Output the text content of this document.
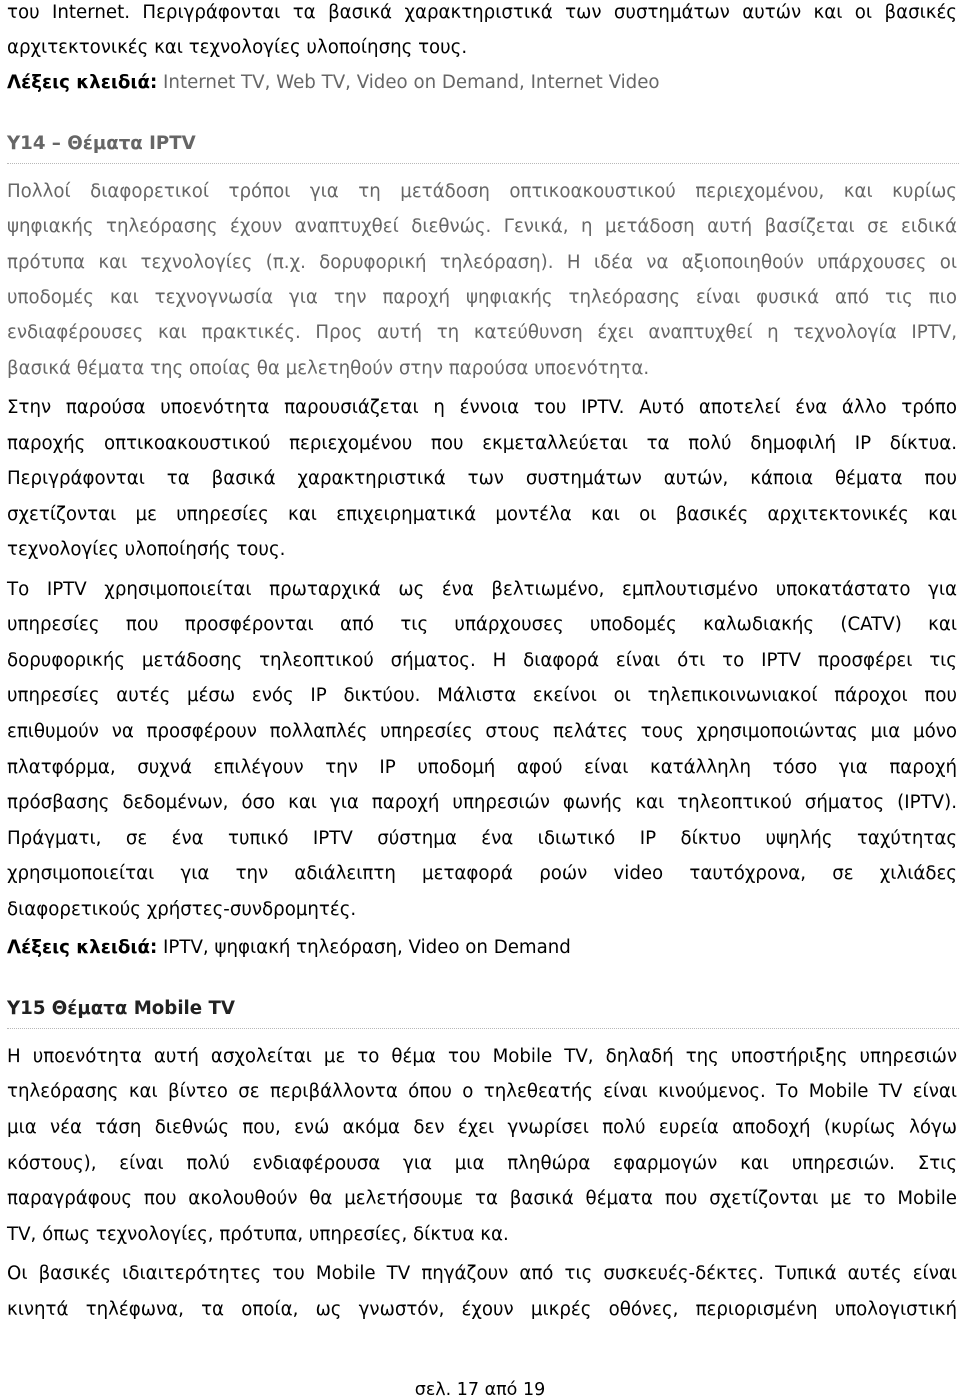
του Internet. Περιγράφονται τα βασικά χαρακτηριστικά των συστημάτων αυτών και οι βασικές
αρχιτεκτονικές και τεχνολογίες υλοποίησης τους.
Λέξεις κλειδιά: Internet TV, Web TV, Video on Demand, Internet Video
Υ14 – Θέματα IPTV
Πολλοί διαφορετικοί τρόποι για τη μετάδοση οπτικοακουστικού περιεχομένου, και κυρίως
ψηφιακής τηλεόρασης έχουν αναπτυχθεί διεθνώς. Γενικά, η μετάδοση αυτή βασίζεται σε ειδικά
πρότυπα και τεχνολογίες (π.χ. δορυφορική τηλεόραση). Η ιδέα να αξιοποιηθούν υπάρχουσες οι
υποδομές και τεχνογνωσία για την παροχή ψηφιακής τηλεόρασης είναι φυσικά από τις πιο
ενδιαφέρουσες και πρακτικές. Προς αυτή τη κατεύθυνση έχει αναπτυχθεί η τεχνολογία IPTV,
βασικά θέματα της οποίας θα μελετηθούν στην παρούσα υποενότητα.
Στην παρούσα υποενότητα παρουσιάζεται η έννοια του IPTV. Αυτό αποτελεί ένα άλλο τρόπο
παροχής οπτικοακουστικού περιεχομένου που εκμεταλλεύεται τα πολύ δημοφιλή IP δίκτυα.
Περιγράφονται τα βασικά χαρακτηριστικά των συστημάτων αυτών, κάποια θέματα που
σχετίζονται με υπηρεσίες και επιχειρηματικά μοντέλα και οι βασικές αρχιτεκτονικές και
τεχνολογίες υλοποίησής τους.
Το IPTV χρησιμοποιείται πρωταρχικά ως ένα βελτιωμένο, εμπλουτισμένο υποκατάστατο για
υπηρεσίες που προσφέρονται από τις υπάρχουσες υποδομές καλωδιακής (CATV) και
δορυφορικής μετάδοσης τηλεοπτικού σήματος. Η διαφορά είναι ότι το IPTV προσφέρει τις
υπηρεσίες αυτές μέσω ενός IP δικτύου. Μάλιστα εκείνοι οι τηλεπικοινωνιακοί πάροχοι που
επιθυμούν να προσφέρουν πολλαπλές υπηρεσίες στους πελάτες τους χρησιμοποιώντας μια μόνο
πλατφόρμα, συχνά επιλέγουν την IP υποδομή αφού είναι κατάλληλη τόσο για παροχή
πρόσβασης δεδομένων, όσο και για παροχή υπηρεσιών φωνής και τηλεοπτικού σήματος (IPTV).
Πράγματι, σε ένα τυπικό IPTV σύστημα ένα ιδιωτικό IP δίκτυο υψηλής ταχύτητας
χρησιμοποιείται για την αδιάλειπτη μεταφορά ροών video ταυτόχρονα, σε χιλιάδες
διαφορετικούς χρήστες-συνδρομητές.
Λέξεις κλειδιά: IPTV, ψηφιακή τηλεόραση, Video on Demand
Υ15 Θέματα Mobile TV
Η υποενότητα αυτή ασχολείται με το θέμα του Mobile TV, δηλαδή της υποστήριξης υπηρεσιών
τηλεόρασης και βίντεο σε περιβάλλοντα όπου ο τηλεθεατής είναι κινούμενος. Το Mobile TV είναι
μια νέα τάση διεθνώς που, ενώ ακόμα δεν έχει γνωρίσει πολύ ευρεία αποδοχή (κυρίως λόγω
κόστους), είναι πολύ ενδιαφέρουσα για μια πληθώρα εφαρμογών και υπηρεσιών. Στις
παραγράφους που ακολουθούν θα μελετήσουμε τα βασικά θέματα που σχετίζονται με το Mobile
TV, όπως τεχνολογίες, πρότυπα, υπηρεσίες, δίκτυα κα.
Οι βασικές ιδιαιτερότητες του Mobile TV πηγάζουν από τις συσκευές-δέκτες. Τυπικά αυτές είναι
κινητά τηλέφωνα, τα οποία, ως γνωστόν, έχουν μικρές οθόνες, περιορισμένη υπολογιστική
σελ. 17 από 19
